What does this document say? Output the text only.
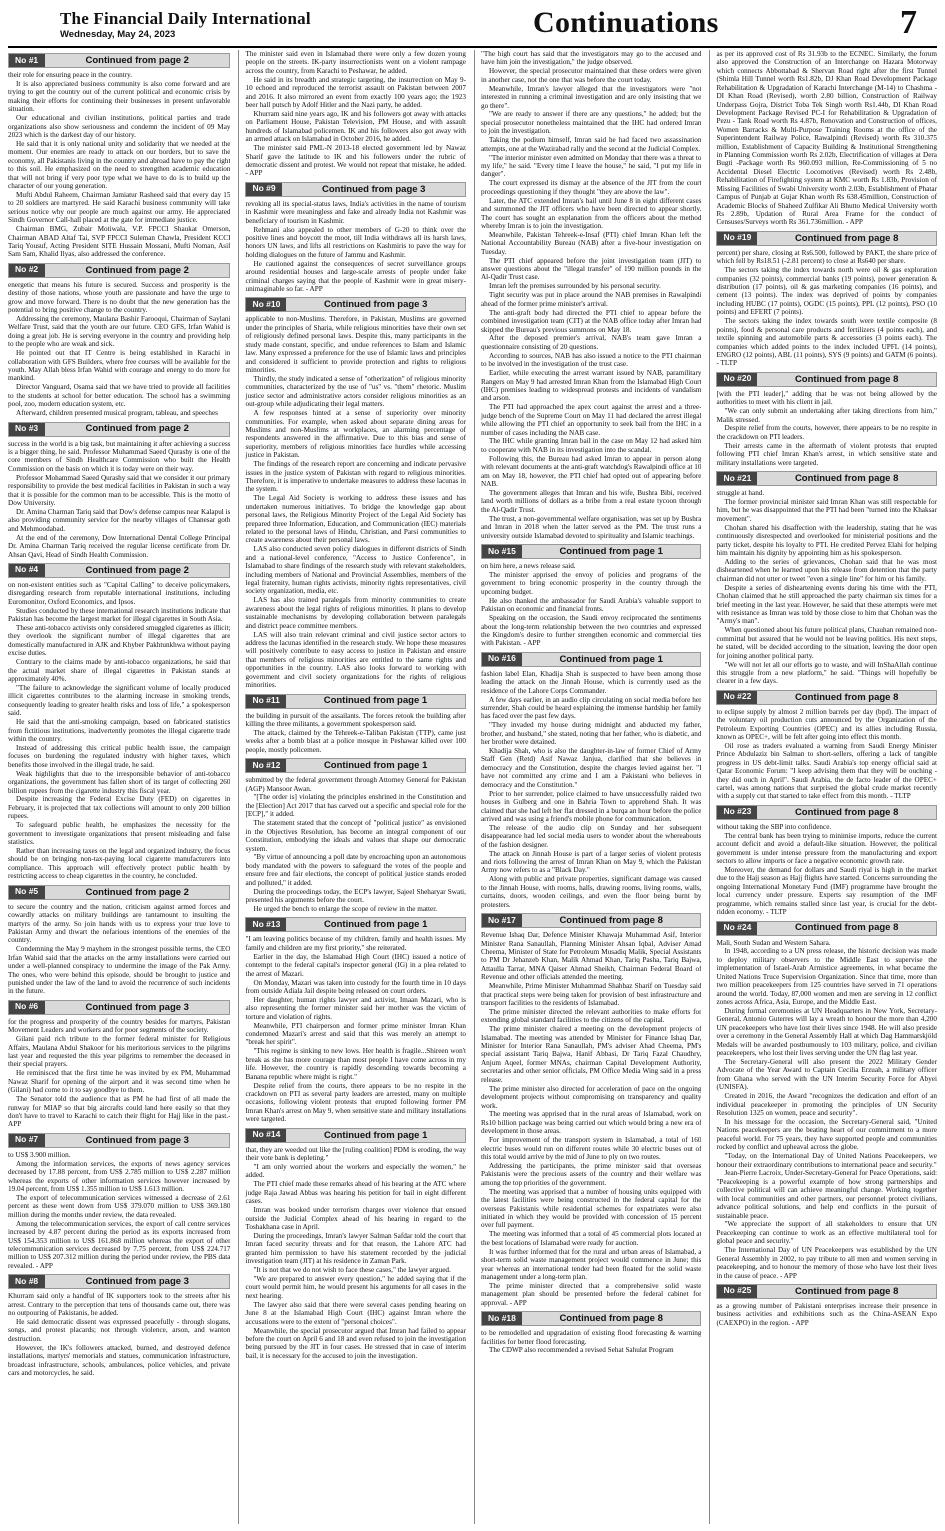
The Financial Daily International
Wednesday, May 24, 2023	Continuations	7
No #1	Continued from page 2

their role for ensuring peace in the country.

It is also appreciated business community is also come forward and are trying to get the country out of the current political and economic crisis by making their efforts for continuing their businesses in present unfavorable situation.

Our educational and civilian institutions, political parties and trade organizations also show seriousness and condemn the incident of 09 May 2023 which is the darkest day of our history.

He said that it is only national unity and solidarity that we needed at the moment. Our enemies are ready to attack on our borders, but to save the economy, all Pakistanis living in the country and abroad have to pay the right to this soil. He emphasized on the need to strengthen academic education that will not bring if very poor type what we have to do is to build up the character of our young generation.

Mufti Abdul Raheem, Chairman Jamiatur Rasheed said that every day 15 to 20 soldiers are martyred. He said Karachi business community will take serious notice why our people are much against our army. He appreciated Sindh Governor Call-hall placed at the gate for immediate justice.

Chairman BMG, Zubair Motiwala, V.P. FPCCI Shaukat Omerson, Chairman ABAD Altaf Tai, SVP FPCCI Suleman Chawla, President KCCI Tariq Yousuf, Acting President SITE Hussain Mossani, Mufti Noman, Asif Sam Sam, Khalid Ilyas, also addressed the conference.

No #2	Continued from page 2

energetic that means his future is secured. Success and prosperity is the destiny of those nations, whose youth are passionate and have the urge to grow and move forward. There is no doubt that the new generation has the potential to bring positive change to the country.

Addressing the ceremony, Maulana Bashir Farooqui, Chairman of Saylani Welfare Trust, said that the youth are our future. CEO GFS, Irfan Wahid is doing a great job. He is serving everyone in the country and providing help to the people who are weak and sick.

He pointed out that IT Centre is being established in Karachi in collaboration with GFS Builders, where free courses will be available for the youth. May Allah bless Irfan Wahid with courage and energy to do more for mankind.

Director Vanguard, Osama said that we have tried to provide all facilities to the students at school for better education. The school has a swimming pool, zoo, modern education system, etc.

Afterward, children presented musical program, tableau, and speeches

No #3	Continued from page 2

success in the world is a big task, but maintaining it after achieving a success is a bigger thing, he said. Professor Muhammad Saeed Qurashy is one of the core members of Sindh Healthcare Commission who built the Health Commission on the basis on which it is today were on their way.

Professor Mohammad Saeed Qurashy said that we consider it our primary responsibility to provide the best medical facilities in Pakistan in such a way that it is possible for the common man to be accessible. This is the motto of Dow University.

Dr. Amina Charman Tariq said that Dow's defense campus near Kalapul is also providing community service for the nearby villages of Chanesar goth and Mehmoodabad.

At the end of the ceremony, Dow International Dental College Principal Dr. Amina Charman Tariq received the regular license certificate from Dr. Ahsan Qavi, Head of Sindh Health Commission.

No #4	Continued from page 2

on non-existent entities such as "Capital Calling" to deceive policymakers, disregarding research from reputable international institutions, including Euromonitor, Oxford Economics, and Ipsos.

Studies conducted by these international research institutions indicate that Pakistan has become the largest market for illegal cigarettes in South Asia.

These anti-tobacco activists only considered smuggled cigarettes as illicit; they overlook the significant number of illegal cigarettes that are domestically manufactured in AJK and Khyber Pakhtunkhwa without paying excise duties.

Contrary to the claims made by anti-tobacco organizations, he said that the actual market share of illegal cigarettes in Pakistan stands at approximately 40%.

"The failure to acknowledge the significant volume of locally produced illicit cigarettes contributes to the alarming increase in smoking trends, consequently leading to greater health risks and loss of life," a spokesperson said.

He said that the anti-smoking campaign, based on fabricated statistics from fictitious institutions, inadvertently promotes the illegal cigarette trade within the country.

Instead of addressing this critical public health issue, the campaign focuses on burdening the regulated industry with higher taxes, which benefits those involved in the illegal trade, he said.

Weak highlights that due to the irresponsible behavior of anti-tobacco organizations, the government has fallen short of its target of collecting 260 billion rupees from the cigarette industry this fiscal year.

Despite increasing the Federal Excise Duty (FED) on cigarettes in February, it is projected that tax collections will amount to only 200 billion rupees.

To safeguard public health, he emphasizes the necessity for the government to investigate organizations that present misleading and false statistics.

Rather than increasing taxes on the legal and organized industry, the focus should be on bringing non-tax-paying local cigarette manufacturers into compliance. This approach will effectively protect public health by restricting access to cheap cigarettes in the country, he concluded.

No #5	Continued from page 2

to secure the country and the nation, criticism against armed forces and cowardly attacks on military buildings are tantamount to insulting the martyrs of the army. So join hands with us to express your true love to Pakistan Army and thwart the nefarious intentions of the enemies of the country.

Condemning the May 9 mayhem in the strongest possible terms, the CEO Irfan Wahid said that the attacks on the army installations were carried out under a well-planned conspiracy to undermine the image of the Pak Army. The ones, who were behind this episode, should be brought to justice and punished under the law of the land to avoid the recurrence of such incidents in the future.

No #6	Continued from page 3

for the progress and prosperity of the country besides for martyrs, Pakistan Movement Leaders and workers and for poor segments of the society.

Gilani paid rich tribute to the former federal minister for Religious Affairs, Maulana Abdul Shakoor for his meritorious services to the pilgrims last year and requested the this year pilgrims to remember the deceased in their special prayers.

He reminisced that the first time he was invited by ex PM, Muhammad Nawaz Sharif for opening of the airport and it was second time when he (Gilani) had come to it to say goodbye to them.

The Senator told the audience that as PM he had first of all made the runway for MIAP so that big aircrafts could land here easily so that they don't have to travel to Karachi to catch their flight for Hajj like in the past.-APP

No #7	Continued from page 3

to US$ 3.900 million.

Among the information services, the exports of news agency services decreased by 17.88 percent, from US$ 2.785 million to US$ 2.287 million whereas the exports of other information services however increased by 19.04 percent, from US$ 1.355 million to US$ 1.613 million.

The export of telecommunication services witnessed a decrease of 2.61 percent as these went down from US$ 379.070 million to US$ 369.180 million during the months under review, the data revealed.

Among the telecommunication services, the export of call centre services increased by 4.87 percent during the period as its exports increased from US$ 154.353 million to US$ 161.868 million whereas the export of other telecommunication services decreased by 7.75 percent, from US$ 224.717 million to US$ 207.312 million during the period under review, the PBS data revealed. - APP

No #8	Continued from page 3

Khurram said only a handful of IK supporters took to the streets after his arrest. Contrary to the perception that tens of thousands came out, there was no outpouring of Pakistanis, he added.

He said democratic dissent was expressed peacefully - through slogans, songs, and protest placards; not through violence, arson, and wanton destruction.

However, the IK's followers attacked, burned, and destroyed defence installations, martyrs' memorials and statues, communication infrastructure, broadcast infrastructure, schools, ambulances, police vehicles, and private cars and motorcycles, he said.

The minister said even in Islamabad there were only a few dozen young people on the streets. IK-party insurrectionists went on a violent rampage across the country, from Karachi to Peshawar, he added.

He said in its breadth and strategic targeting, the insurrection on May 9-10 echoed and reproduced the terrorist assault on Pakistan between 2007 and 2016. It also mirrored an event from exactly 100 years ago; the 1923 beer hall putsch by Adolf Hitler and the Nazi party, he added.

Khurram said nine years ago, IK and his followers got away with attacks on Parliament House, Pakistan Television, PM House, and with assault hundreds of Islamabad policemen. IK and his followers also got away with an armed attack on Islamabad in October 2016, he added.

The minister said PML-N 2013-18 elected government led by Nawaz Sharif gave the latitude to IK and his followers under the rubric of democratic dissent and protest. We would not repeat that mistake, he added. - APP

No #9	Continued from page 3

revoking all its special-status laws, India's activities in the name of tourism in Kashmir were meaningless and fake and already India not Kashmir was beneficiary of tourism in Kashmir.

Rehmani also appealed to other members of G-20 to think over the positive lines and boycott the moot, till India withdraws all its harsh laws, honors UN laws, and lifts all restrictions on Kashmiris to pave the way for holding dialogues on the future of Jammu and Kashmir.

He cautioned against the consequences of secret surveillance groups around residential houses and large-scale arrests of people under fake criminal charges saying that the people of Kashmir were in great misery-unimaginable so far. - APP

No #10	Continued from page 3

applicable to non-Muslims. Therefore, in Pakistan, Muslims are governed under the principles of Sharia, while religious minorities have their own set of religiously defined personal laws. Despite this, many participants in the study made constant, specific, and undue references to Islam and Islamic law. Many expressed a preference for the use of Islamic laws and principles and considered it sufficient to provide protection and rights to religious minorities.

Thirdly, the study indicated a sense of "otherization" of religious minority communities, characterized by the use of "us" vs. "them" rhetoric. Muslim justice sector and administrative actors consider religious minorities as an out-group while adjudicating their legal matters.

A few responses hinted at a sense of superiority over minority communities. For example, when asked about separate dining areas for Muslims and non-Muslims at workplaces, an alarming percentage of respondents answered in the affirmative. Due to this bias and sense of superiority, members of religious minorities face hurdles while accessing justice in Pakistan.

The findings of the research report are concerning and indicate pervasive issues in the justice system of Pakistan with regard to religious minorities. Therefore, it is imperative to undertake measures to address these lacunas in the system.

The Legal Aid Society is working to address these issues and has undertaken numerous initiatives. To bridge the knowledge gap about personal laws, the Religious Minority Project of the Legal Aid Society has prepared three Information, Education, and Communication (IEC) materials related to the personal laws of Hindu, Christian, and Parsi communities to create awareness about their personal laws.

LAS also conducted seven policy dialogues in different districts of Sindh and a national-level conference, "Access to Justice Conference", in Islamabad to share findings of the research study with relevant stakeholders, including members of National and Provincial Assemblies, members of the legal fraternity, human rights activists, minority rights representatives, civil society organization, media, etc.

LAS has also trained paralegals from minority communities to create awareness about the legal rights of religious minorities. It plans to develop sustainable mechanisms by developing collaboration between paralegals and district peace committee members.

LAS will also train relevant criminal and civil justice sector actors to address the lacunas identified in the research study. We hope these measures will positively contribute to easy access to justice in Pakistan and ensure that members of religious minorities are entitled to the same rights and opportunities in the country. LAS also looks forward to working with government and civil society organizations for the rights of religious minorities.

No #11	Continued from page 1

the building in pursuit of the assailants. The forces retook the building after killing the three militants, a government spokesperson said.

The attack, claimed by the Tehreek-e-Taliban Pakistan (TTP), came just weeks after a bomb blast at a police mosque in Peshawar killed over 100 people, mostly policemen.

No #12	Continued from page 1

submitted by the federal government through Attorney General for Pakistan (AGP) Mansoor Awan.

"[The order is] violating the principles enshrined in the Constitution and the [Election] Act 2017 that has carved out a specific and special role for the [ECP]," it added.

The statement stated that the concept of "political justice" as envisioned in the Objectives Resolution, has become an integral component of our Constitution, embodying the ideals and values that shape our democratic system.

"By virtue of announcing a poll date by encroaching upon an autonomous body mandated with the powers to safeguard the votes of the people and ensure free and fair elections, the concept of political justice stands eroded and polluted," it added.

During the proceedings today, the ECP's lawyer, Sajeel Sheharyar Swati, presented his arguments before the court.

He urged the bench to enlarge the scope of review in the matter.

No #13	Continued from page 1

"I am leaving politics because of my children, family and health issues. My family and children are my first priority," she reiterated.

Earlier in the day, the Islamabad High Court (IHC) issued a notice of contempt to the federal capital's inspector general (IG) in a plea related to the arrest of Mazari.

On Monday, Mazari was taken into custody for the fourth time in 10 days from outside Adiala Jail despite being released on court orders.

Her daughter, human rights lawyer and activist, Imaan Mazari, who is also representing the former minister said her mother was the victim of torture and violation of rights.

Meanwhile, PTI chairperson and former prime minister Imran Khan condemned Mazari's arrest and said that this was merely an attempt to "break her spirit".

"This regime is sinking to new lows. Her health is fragile...Shireen won't break as she has more courage than most people I have come across in my life. However, the country is rapidly descending towards becoming a Banana republic where might is right."

Despite relief from the courts, there appears to be no respite in the crackdown on PTI as several party leaders are arrested, many on multiple occasions, following violent protests that erupted following former PM Imran Khan's arrest on May 9, when sensitive state and military installations were targeted.

No #14	Continued from page 1

that, they are weeded out like the [ruling coalition] PDM is eroding, the way their vote bank is depleting."

"I am only worried about the workers and especially the women," he added.

The PTI chief made these remarks ahead of his hearing at the ATC where judge Raja Jawad Abbas was hearing his petition for bail in eight different cases.

Imran was booked under terrorism charges over violence that ensued outside the Judicial Complex ahead of his hearing in regard to the Toshakhana case in April.

During the proceedings, Imran's lawyer Salman Safdar told the court that Imran faced security threats and for that reason, the Lahore ATC had granted him permission to have his statement recorded by the judicial investigation team (JIT) at his residence in Zaman Park.

"It is not that we do not wish to face these cases," the lawyer argued.

"We are prepared to answer every question," he added saying that if the court would permit him, he would present his arguments for all cases in the next hearing.

The lawyer also said that there were several cases pending hearing on June 8 at the Islamabad High Court (IHC) against Imran where the accusations were to the extent of "personal choices".

Meanwhile, the special prosecutor argued that Imran had failed to appear before the court on April 6 and 18 and even refused to join the investigation being pursued by the JIT in four cases. He stressed that in case of interim bail, it is necessary for the accused to join the investigation.

"The high court has said that the investigators may go to the accused and have him join the investigation," the judge observed.

However, the special prosecutor maintained that these orders were given in another case, not the one that was before the court today.

Meanwhile, Imran's lawyer alleged that the investigators were "not interested in running a criminal investigation and are only insisting that we go there".

"We are ready to answer if there are any questions," he added; but the special prosecutor nonetheless maintained that the IHC had ordered Imran to join the investigation.

Taking the podium himself, Imran said he had faced two assassination attempts, one at the Wazirabad rally and the second at the Judicial Complex.

"The interior minister even admitted on Monday that there was a threat to my life," he said. "Every time I leave the house," he said, "I put my life in danger".

The court expressed its dismay at the absence of the JIT from the court proceedings questioning if they thought "they are above the law".

Later, the ATC extended Imran's bail until June 8 in eight different cases and summoned the JIT officers who have been directed to appear shortly. The court has sought an explanation from the officers about the method whereby Imran is to join the investigation.

Meanwhile, Pakistan Tehreek-e-Insaf (PTI) chief Imran Khan left the National Accountability Bureau (NAB) after a five-hour investigation on Tuesday.

The PTI chief appeared before the joint investigation team (JIT) to answer questions about the "illegal transfer" of 190 million pounds in the Al-Qadir Trust case.

Imran left the premises surrounded by his personal security.

Tight security was put in place around the NAB premises in Rawalpindi ahead of the former prime minister's arrival.

The anti-graft body had directed the PTI chief to appear before the combined investigation team (CIT) at the NAB office today after Imran had skipped the Bureau's previous summons on May 18.

After the deposed premier's arrival, NAB's team gave Imran a questionnaire consisting of 20 questions.

According to sources, NAB has also issued a notice to the PTI chairman to be involved in the investigation of the trust case.

Earlier, while executing the arrest warrant issued by NAB, paramilitary Rangers on May 9 had arrested Imran Khan from the Islamabad High Court (IHC) premises leading to widespread protests and incidents of vandalism and arson.

The PTI had approached the apex court against the arrest and a three-judge bench of the Supreme Court on May 11 had declared the arrest illegal while allowing the PTI chief an opportunity to seek bail from the IHC in a number of cases including the NAB case.

The IHC while granting Imran bail in the case on May 12 had asked him to cooperate with NAB in its investigation into the scandal.

Following this, the Bureau had asked Imran to appear in person along with relevant documents at the anti-graft watchdog's Rawalpindi office at 10 am on May 18, however, the PTI chief had opted out of appearing before NAB.

The government alleges that Imran and his wife, Bushra Bibi, received land worth millions of dollars as a bribe from a real estate tycoon through the Al-Qadir Trust.

The trust, a non-governmental welfare organisation, was set up by Bushra and Imran in 2018 when the latter served as the PM. The trust runs a university outside Islamabad devoted to spirituality and Islamic teachings.

No #15	Continued from page 1

on him here, a news release said.

The minister apprised the envoy of policies and programs of the government to bring economic prosperity in the country through the upcoming budget.

He also thanked the ambassador for Saudi Arabia's valuable support to Pakistan on economic and financial fronts.

Speaking on the occasion, the Saudi envoy reciprocated the sentiments about the long-term relationship between the two countries and expressed the Kingdom's desire to further strengthen economic and commercial ties with Pakistan. - APP

No #16	Continued from page 1

fashion label Elan, Khadija Shah is suspected to have been among those leading the attack on the Jinnah House, which is currently used as the residence of the Lahore Corps Commander.

A few days earlier, in an audio clip circulating on social media before her surrender, Shah could be heard explaining the immense hardship her family has faced over the past few days.

"They invaded my house during midnight and abducted my father, brother, and husband," she stated, noting that her father, who is diabetic, and her brother were detained.

Khadija Shah, who is also the daughter-in-law of former Chief of Army Staff Gen (Retd) Asif Nawaz Janjua, clarified that she believes in democracy and the Constitution, despite the charges levied against her. "I have not committed any crime and I am a Pakistani who believes in democracy and the Constitution."

Prior to her surrender, police claimed to have unsuccessfully raided two houses in Gulberg and one in Bahria Town to apprehend Shah. It was claimed that she had left her flat dressed in a burqa an hour before the police arrived and was using a friend's mobile phone for communication.

The release of the audio clip on Sunday and her subsequent disappearance had led social media users to wonder about the whereabouts of the fashion designer.

The attack on Jinnah House is part of a larger series of violent protests and riots following the arrest of Imran Khan on May 9, which the Pakistan Army now refers to as a "Black Day."

Along with public and private properties, significant damage was caused to the Jinnah House, with rooms, halls, drawing rooms, living rooms, walls, curtains, doors, wooden ceilings, and even the floor being burnt by protesters.

No #17	Continued from page 8

Revenue Ishaq Dar, Defence Minister Khawaja Muhammad Asif, Interior Minister Rana Sanaullah, Planning Minister Ahsan Iqbal, Adviser Amad Cheema, Minister of State for Petroleum Musadiq Malik, Special Assistants to PM Dr Jehanzeb Khan, Malik Ahmad Khan, Tariq Pasha, Tariq Bajwa, Attaulla Tarrar, MNA Qaiser Ahmad Sheikh, Chairman Federal Board of Revenue and other officials attended the meeting.

Meanwhile, Prime Minister Muhammad Shahbaz Sharif on Tuesday said that practical steps were being taken for provision of best infrastructure and transport facilities to the residents of Islamabad.

The prime minister directed the relevant authorities to make efforts for extending global standard facilities to the citizens of the capital.

The prime minister chaired a meeting on the development projects of Islamabad. The meeting was attended by Minister for Finance Ishaq Dar, Minister for Interior Rana Sanaullah, PM's adviser Ahad Cheema, PM's special assistant Tariq Bajwa, Hanif Abbasi, Dr Tariq Fazal Chaudhry, Anjum Aqeel, former MNAs, chairman Capital Development Authority, secretaries and other senior officials, PM Office Media Wing said in a press release.

The prime minister also directed for acceleration of pace on the ongoing development projects without compromising on transparency and quality work.

The meeting was apprised that in the rural areas of Islamabad, work on Rs10 billion package was being carried out which would bring a new era of development in those areas.

For improvement of the transport system in Islamabad, a total of 160 electric buses would run on different routes while 30 electric buses out of this total would arrive by the mid of June to ply on two routes.

Addressing the participants, the prime minister said that overseas Pakistanis were the precious assets of the country and their welfare was among the top priorities of the government.

The meeting was apprised that a number of housing units equipped with the latest facilities were being constructed in the federal capital for the overseas Pakistanis while residential schemes for expatriates were also initiated in which they would be provided with concession of 15 percent over full payment.

The meeting was informed that a total of 45 commercial plots located at the best locations of Islamabad were ready for auction.

It was further informed that for the rural and urban areas of Islamabad, a short-term solid waste management project would commence in June; this year whereas an international tender had been floated for the solid waste management under a long-term plan.

The prime minister directed that a comprehensive solid waste management plan should be presented before the federal cabinet for approval. - APP

No #18	Continued from page 8

to be remodelled and upgradation of existing flood forecasting & warning facilities for better flood forecasting.

The CDWP also recommended a revised Sehat Sahulat Program

as per its approved cost of Rs 31.93b to the ECNEC. Similarly, the forum also approved the Construction of an Interchange on Hazara Motorway which connects Abbottabad & Shervan Road right after the first Tunnel (Shimla Hill Tunnel worth Rs1.82b, DJ Khan Road Development Package Rehabilitation & Upgradation of Karachi Interchange (M-14) to Chashma -DI Khan Road (Revised), worth 2.80 billion, Construction of Railway Underpass Gojra, District Toba Tek Singh worth Rs1.44b, DI Khan Road Development Package Revised PC-I for Rehabilitation & Upgradation of Pezu - Tank Road worth Rs 4.87b, Renovation and Construction of offices, Women Barracks & Multi-Purpose Training Rooms at the office of the Superintendent Railway Police, Rawalpindi (Revised) worth Rs 310.375 million, Establishment of Capacity Building & Institutional Strengthening in Planning Commission worth Rs 2.02b, Electrification of villages at Dera Bugti -Package worth Rs 960.093 million, Re-Commissioning of 5 no Accidental Diesel Electric Locomotives (Revised) worth Rs 2.48b, Rehabilitation of Firefighting system at KMC worth Rs 1.83b, Provision of Missing Facilities of Swabi University worth 2.03b, Establishment of Phatar Campus of Punjab at Gujar Khan worth Rs 638.45million, Construction of Academic Blocks of Shaheed Zulfikar Ali Bhutto Medical University worth Rs 2.89b, Updation of Rural Area Frame for the conduct of Censuses/Surveys worth Rs 361.736million. - APP

No #19	Continued from page 8

percent) per share, closing at Rs6.500, followed by PAKT, the share price of which fell by Rs18.51 (-2.81 percent) to close at Rs640 per share.

The sectors taking the index towards north were oil & gas exploration companies (32 points), commercial banks (19 points), power generation & distribution (17 points), oil & gas marketing companies (16 points), and cement (13 points). The index was deprived of points by companies including HUBC (17 points), OGDC (15 points), PPL (12 points), PSO (10 points) and EFERT (7 points).

The sectors taking the index towards south were textile composite (8 points), food & personal care products and fertilizers (4 points each), and textile spinning and automobile parts & accessories (3 points each). The companies which added points to the index included UPFL (14 points), ENGRO (12 points), ABL (11 points), SYS (9 points) and GATM (6 points). - TLTP

No #20	Continued from page 8

[with the PTI leader]," adding that he was not being allowed by the authorities to meet with his client in jail.

"We can only submit an undertaking after taking directions from him," Malik stressed.

Despite relief from the courts, however, there appears to be no respite in the crackdown on PTI leaders.

Their arrests came in the aftermath of violent protests that erupted following PTI chief Imran Khan's arrest, in which sensitive state and military installations were targeted.

No #21	Continued from page 8

struggle at hand.

The former provincial minister said Imran Khan was still respectable for him, but he was disappointed that the PTI had been "turned into the Khaksar movement".

Chohan shared his disaffection with the leadership, stating that he was continuously disrespected and overlooked for ministerial positions and the party ticket, despite his loyalty to PTI. He credited Pervez Elahi for helping him maintain his dignity by appointing him as his spokesperson.

Adding to the series of grievances, Chohan said that he was most disheartened when he learned upon his release from detention that the party chairman did not utter or tweet "even a single line" for him or his family.

Despite a series of disheartening events during his time with the PTI, Chohan claimed that he still approached the party chairman six times for a brief meeting in the last year. However, he said that these attempts were met with resistance as Imran was told by those close to him that Chohan was the "Army's man".

When questioned about his future political plans, Chauhan remained non-committal but assured that he would not be leaving politics. His next steps, he stated, will be decided according to the situation, leaving the door open for joining another political party.

"We will not let all our efforts go to waste, and will InShaAllah continue this struggle from a new platform," he said. "Things will hopefully be clearer in a few days.

No #22	Continued from page 8

to eclipse supply by almost 2 million barrels per day (bpd). The impact of the voluntary oil production cuts announced by the Organization of the Petroleum Exporting Countries (OPEC) and its allies including Russia, known as OPEC+, will be felt after going into effect this month.

Oil rose as traders evaluated a warning from Saudi Energy Minister Prince Abdulaziz bin Salman to short-sellers, offering a lack of tangible progress in US debt-limit talks. Saudi Arabia's top energy official said at Qatar Economic Forum: "I keep advising them that they will be ouching - they did ouch in April". Saudi Arabia, the de facto leader of the OPEC+ cartel, was among nations that surprised the global crude market recently with a supply cut that started to take effect from this month. - TLTP

No #23	Continued from page 8

without taking the SBP into confidence.

The central bank has been trying to minimise imports, reduce the current account deficit and avoid a default-like situation. However, the political government is under intense pressure from the manufacturing and export sectors to allow imports or face a negative economic growth rate.

Moreover, the demand for dollars and Saudi riyal is high in the market due to the Hajj season as Hajj flights have started. Concerns surrounding the ongoing International Monetary Fund (IMF) programme have brought the local currency under pressure. Experts say resumption of the IMF programme, which remains stalled since last year, is crucial for the debt-ridden economy. - TLTP

No #24	Continued from page 8

Mali, South Sudan and Western Sahara.

In 1948, according to a UN press release, the historic decision was made to deploy military observers to the Middle East to supervise the implementation of Israel-Arab Armistice agreements, in what became the United Nations Truce Supervision Organization. Since that time, more than two million peacekeepers from 125 countries have served in 71 operations around the world. Today, 87,000 women and men are serving in 12 conflict zones across Africa, Asia, Europe, and the Middle East.

During formal ceremonies at UN Headquarters in New York, Secretary-General, Antonio Guterres will lay a wreath to honour the more than 4,200 UN peacekeepers who have lost their lives since 1948. He will also preside over a ceremony in the General Assembly Hall at which Dag Hammarskjöld Medals will be awarded posthumously to 103 military, police, and civilian peacekeepers, who lost their lives serving under the UN flag last year.

The Secretary-General will also present the 2022 Military Gender Advocate of the Year Award to Captain Cecilia Erzuah, a military officer from Ghana who served with the UN Interim Security Force for Abyei (UNISFA).

Created in 2016, the Award "recognizes the dedication and effort of an individual peacekeeper in promoting the principles of UN Security Resolution 1325 on women, peace and security".

In his message for the occasion, the Secretary-General said, "United Nations peacekeepers are the beating heart of our commitment to a more peaceful world. For 75 years, they have supported people and communities rocked by conflict and upheaval across the globe.

"Today, on the International Day of United Nations Peacekeepers, we honour their extraordinary contributions to international peace and security."

Jean-Pierre Lacroix, Under-Secretary-General for Peace Operations, said: "Peacekeeping is a powerful example of how strong partnerships and collective political will can achieve meaningful change. Working together with local communities and other partners, our personnel protect civilians, advance political solutions, and help end conflicts in the pursuit of sustainable peace.

"We appreciate the support of all stakeholders to ensure that UN Peacekeeping can continue to work as an effective multilateral tool for global peace and security."

The International Day of UN Peacekeepers was established by the UN General Assembly in 2002, to pay tribute to all men and women serving in peacekeeping, and to honour the memory of those who have lost their lives in the cause of peace. - APP

No #25	Continued from page 8

as a growing number of Pakistani enterprises increase their presence in business activities and exhibitions such as the China-ASEAN Expo (CAEXPO) in the region. - APP
